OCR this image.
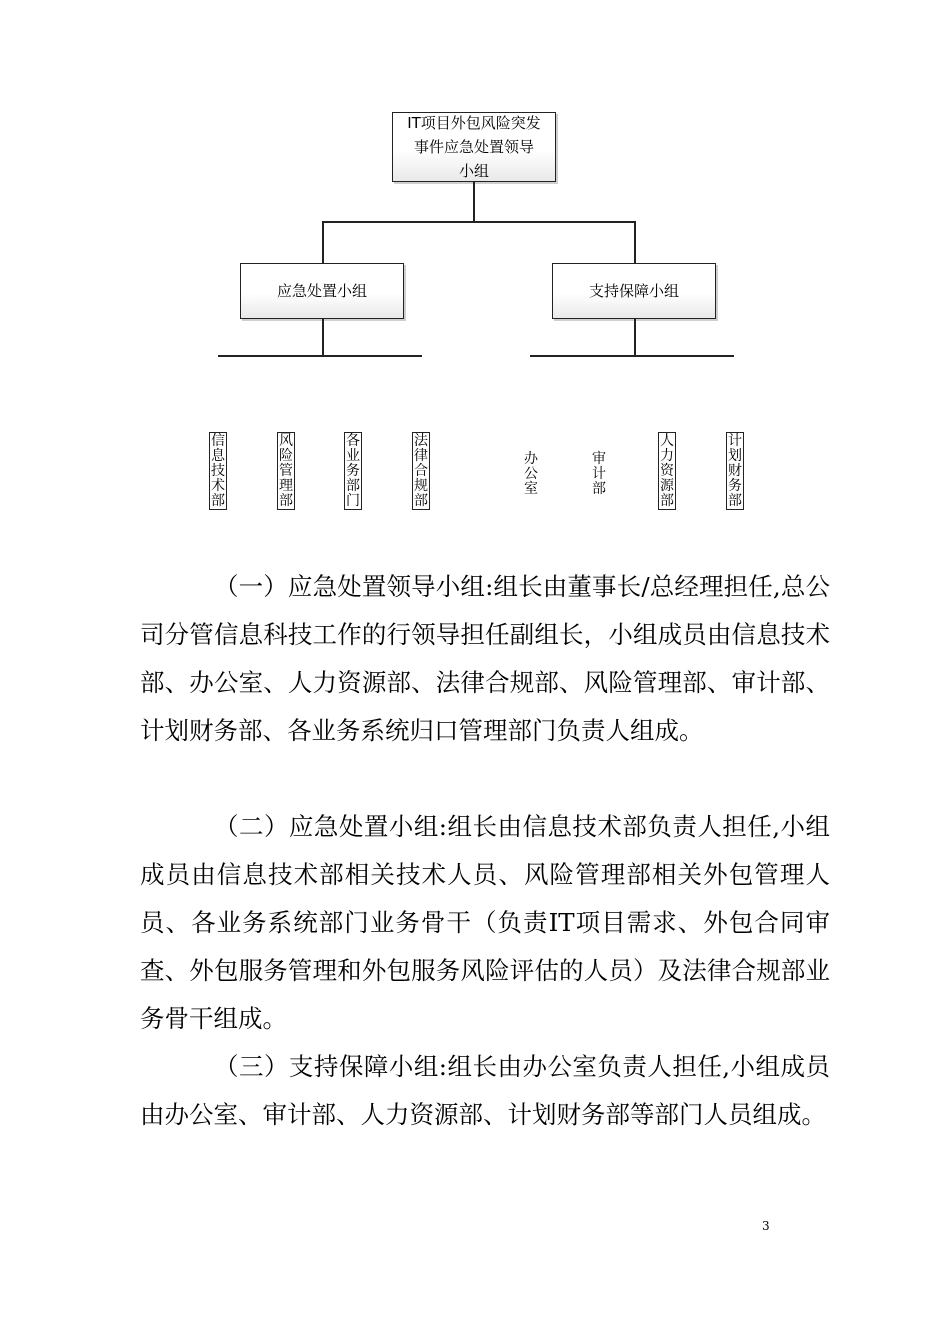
IT项目外包风险突发事件应急处置领导小组
应急处置小组	支持保障小组
信息技术部
风险管理部
各业务部门
法律合规部
办公室
审计部
人力资源部
计划财务部

（一）应急处置领导小组:组长由董事长/总经理担任,总公司分管信息科技工作的行领导担任副组长，小组成员由信息技术部、办公室、人力资源部、法律合规部、风险管理部、审计部、计划财务部、各业务系统归口管理部门负责人组成。

（二）应急处置小组:组长由信息技术部负责人担任,小组成员由信息技术部相关技术人员、风险管理部相关外包管理人员、各业务系统部门业务骨干（负责IT项目需求、外包合同审查、外包服务管理和外包服务风险评估的人员）及法律合规部业务骨干组成。

（三）支持保障小组:组长由办公室负责人担任,小组成员由办公室、审计部、人力资源部、计划财务部等部门人员组成。

3
